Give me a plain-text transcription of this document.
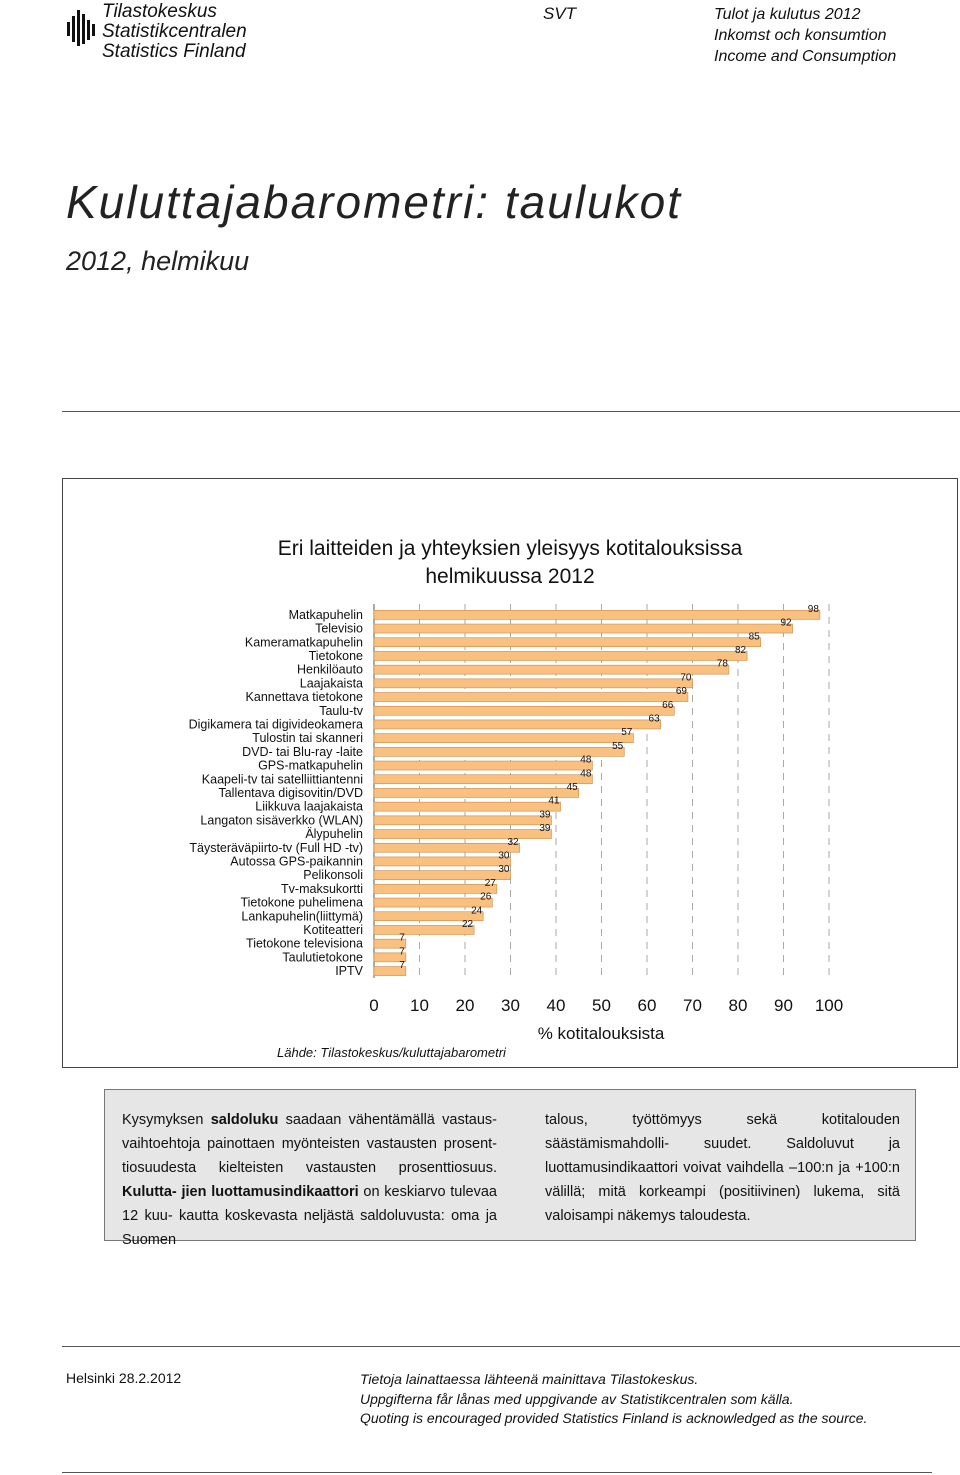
Tilastokeskus
Statistikcentralen
Statistics Finland
SVT	Tulot ja kulutus 2012
Inkomst och konsumtion
Income and Consumption
Kuluttajabarometri: taulukot
2012, helmikuu
Eri laitteiden ja yhteyksien yleisyys kotitalouksissa
helmikuussa 2012
98
Matkapuhelin
92
Televisio
85
Kameramatkapuhelin
82
Tietokone
78
Henkilöauto
70
Laajakaista
69
Kannettava tietokone
66
Taulu-tv
63
Digikamera tai digivideokamera
57
Tulostin tai skanneri
55
DVD- tai Blu-ray -laite
48
GPS-matkapuhelin
48
Kaapeli-tv tai satelliittiantenni
45
Tallentava digisovitin/DVD
41
Liikkuva laajakaista
39
Langaton sisäverkko (WLAN)
39
Älypuhelin
32
Täysteräväpiirto-tv (Full HD -tv)
30
Autossa GPS-paikannin
30
Pelikonsoli
27
Tv-maksukortti
26
Tietokone puhelimena
24
Lankapuhelin(liittymä)
22
Kotiteatteri
7
Tietokone televisiona
7
Taulutietokone
7
IPTV
0 10 20 30 40 50 60 70 80 90 100
% kotitalouksista
Lähde: Tilastokeskus/kuluttajabarometri
Kysymyksen saldoluku saadaan vähentämällä vastaus- vaihtoehtoja painottaen myönteisten vastausten prosent- tiosuudesta kielteisten vastausten prosenttiosuus. Kulutta- jien luottamusindikaattori on keskiarvo tulevaa 12 kuu- kautta koskevasta neljästä saldoluvusta: oma ja Suomen
talous, työttömyys sekä kotitalouden säästämismahdolli- suudet. Saldoluvut ja luottamusindikaattori voivat vaihdella –100:n ja +100:n välillä; mitä korkeampi (positiivinen) lukema, sitä valoisampi näkemys taloudesta.
Helsinki 28.2.2012	Tietoja lainattaessa lähteenä mainittava Tilastokeskus.
Uppgifterna får lånas med uppgivande av Statistikcentralen som källa.
Quoting is encouraged provided Statistics Finland is acknowledged as the source.
